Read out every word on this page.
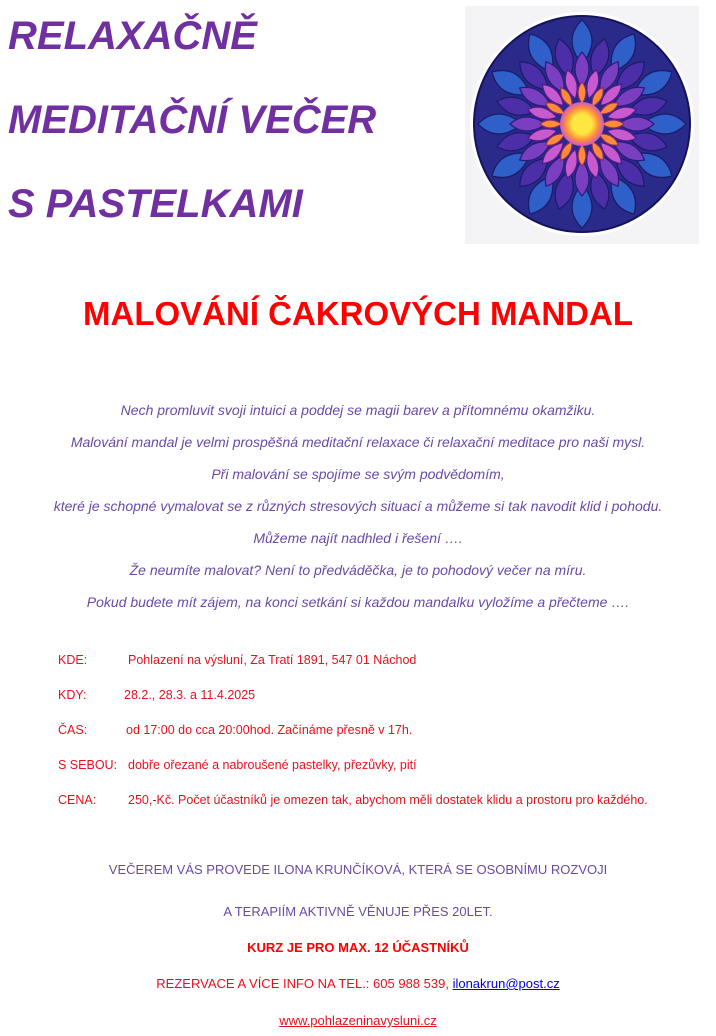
RELAXAČNĚ
MEDITAČNÍ VEČER
S PASTELKAMI
MALOVÁNÍ ČAKROVÝCH MANDAL

Nech promluvit svoji intuici a poddej se magii barev a přítomnému okamžiku.

Malování mandal je velmi prospěšná meditační relaxace či relaxační meditace pro naši mysl.

Při malování se spojíme se svým podvědomím,

které je schopné vymalovat se z různých stresových situací a můžeme si tak navodit klid i pohodu.

Můžeme najít nadhled i řešení ….

Že neumíte malovat? Není to předváděčka, je to pohodový večer na míru.

Pokud budete mít zájem, na konci setkání si každou mandalku vyložíme a přečteme ….

KDE:	Pohlazení na výsluní, Za Tratí 1891, 547 01 Náchod
KDY:	28.2., 28.3. a 11.4.2025
ČAS:	od 17:00 do cca 20:00hod. Začínáme přesně v 17h.
S SEBOU: dobře ořezané a nabroušené pastelky, přezůvky, pití
CENA:	250,-Kč. Počet účastníků je omezen tak, abychom měli dostatek klidu a prostoru pro každého.

VEČEREM VÁS PROVEDE ILONA KRUNČÍKOVÁ, KTERÁ SE OSOBNÍMU ROZVOJI

A TERAPIÍM AKTIVNĚ VĚNUJE PŘES 20LET.

KURZ JE PRO MAX. 12 ÚČASTNÍKŮ

REZERVACE A VÍCE INFO NA TEL.: 605 988 539, ilonakrun@post.cz

www.pohlazeninavysluni.cz
